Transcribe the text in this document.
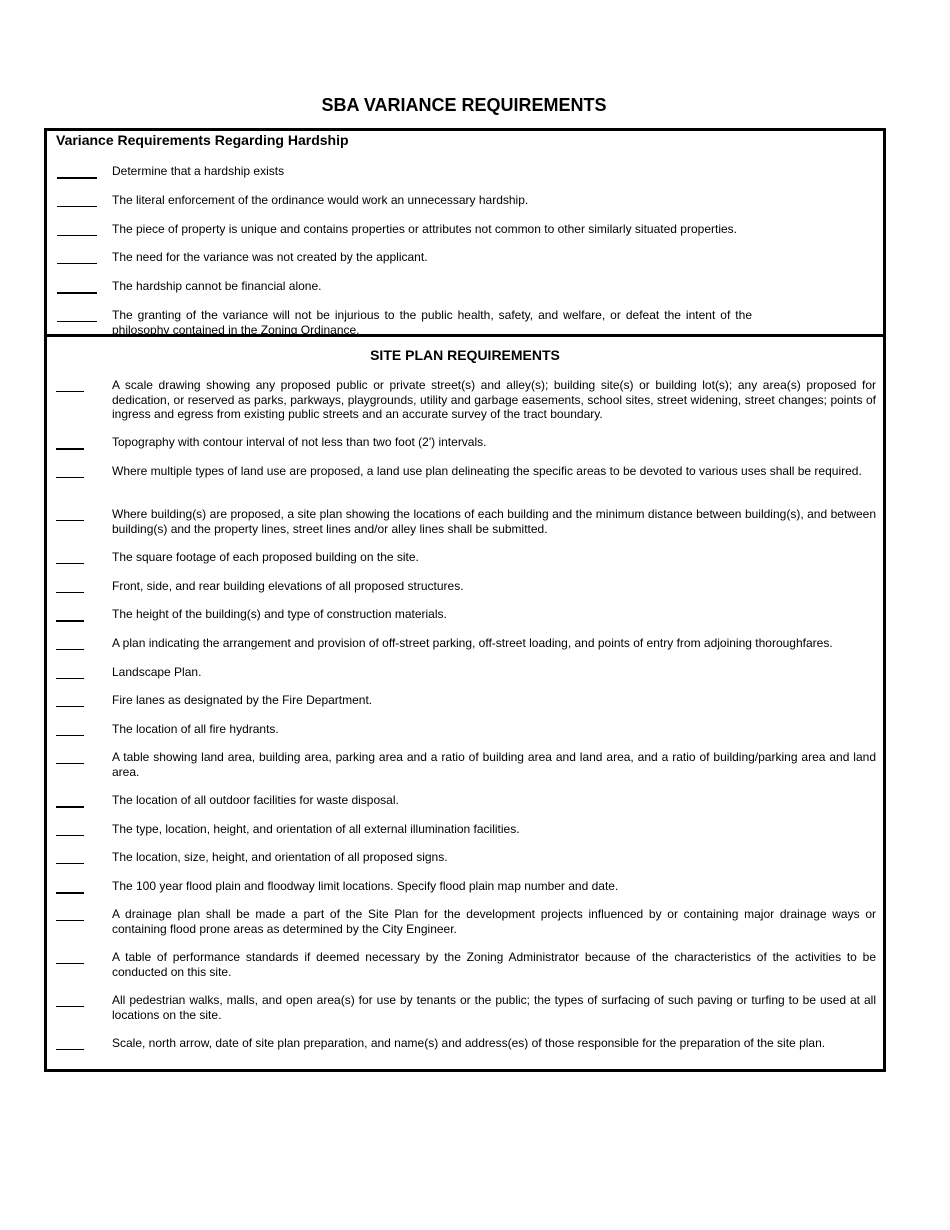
SBA VARIANCE REQUIREMENTS
Variance Requirements Regarding Hardship
Determine that a hardship exists
The literal enforcement of the ordinance would work an unnecessary hardship.
The piece of property is unique and contains properties or attributes not common to other similarly situated properties.
The need for the variance was not created by the applicant.
The hardship cannot be financial alone.
The granting of the variance will not be injurious to the public health, safety, and welfare, or defeat the intent of the philosophy contained in the Zoning Ordinance.
SITE PLAN REQUIREMENTS
A scale drawing showing any proposed public or private street(s) and alley(s); building site(s) or building lot(s); any area(s) proposed for dedication, or reserved as parks, parkways, playgrounds, utility and garbage easements, school sites, street widening, street changes; points of ingress and egress from existing public streets and an accurate survey of the tract boundary.
Topography with contour interval of not less than two foot (2') intervals.
Where multiple types of land use are proposed, a land use plan delineating the specific areas to be devoted to various uses shall be required.
Where building(s) are proposed, a site plan showing the locations of each building and the minimum distance between building(s), and between building(s) and the property lines, street lines and/or alley lines shall be submitted.
The square footage of each proposed building on the site.
Front, side, and rear building elevations of all proposed structures.
The height of the building(s) and type of construction materials.
A plan indicating the arrangement and provision of off-street parking, off-street loading, and points of entry from adjoining thoroughfares.
Landscape Plan.
Fire lanes as designated by the Fire Department.
The location of all fire hydrants.
A table showing land area, building area, parking area and a ratio of building area and land area, and a ratio of building/parking area and land area.
The location of all outdoor facilities for waste disposal.
The type, location, height, and orientation of all external illumination facilities.
The location, size, height, and orientation of all proposed signs.
The 100 year flood plain and floodway limit locations. Specify flood plain map number and date.
A drainage plan shall be made a part of the Site Plan for the development projects influenced by or containing major drainage ways or containing flood prone areas as determined by the City Engineer.
A table of performance standards if deemed necessary by the Zoning Administrator because of the characteristics of the activities to be conducted on this site.
All pedestrian walks, malls, and open area(s) for use by tenants or the public; the types of surfacing of such paving or turfing to be used at all locations on the site.
Scale, north arrow, date of site plan preparation, and name(s) and address(es) of those responsible for the preparation of the site plan.
